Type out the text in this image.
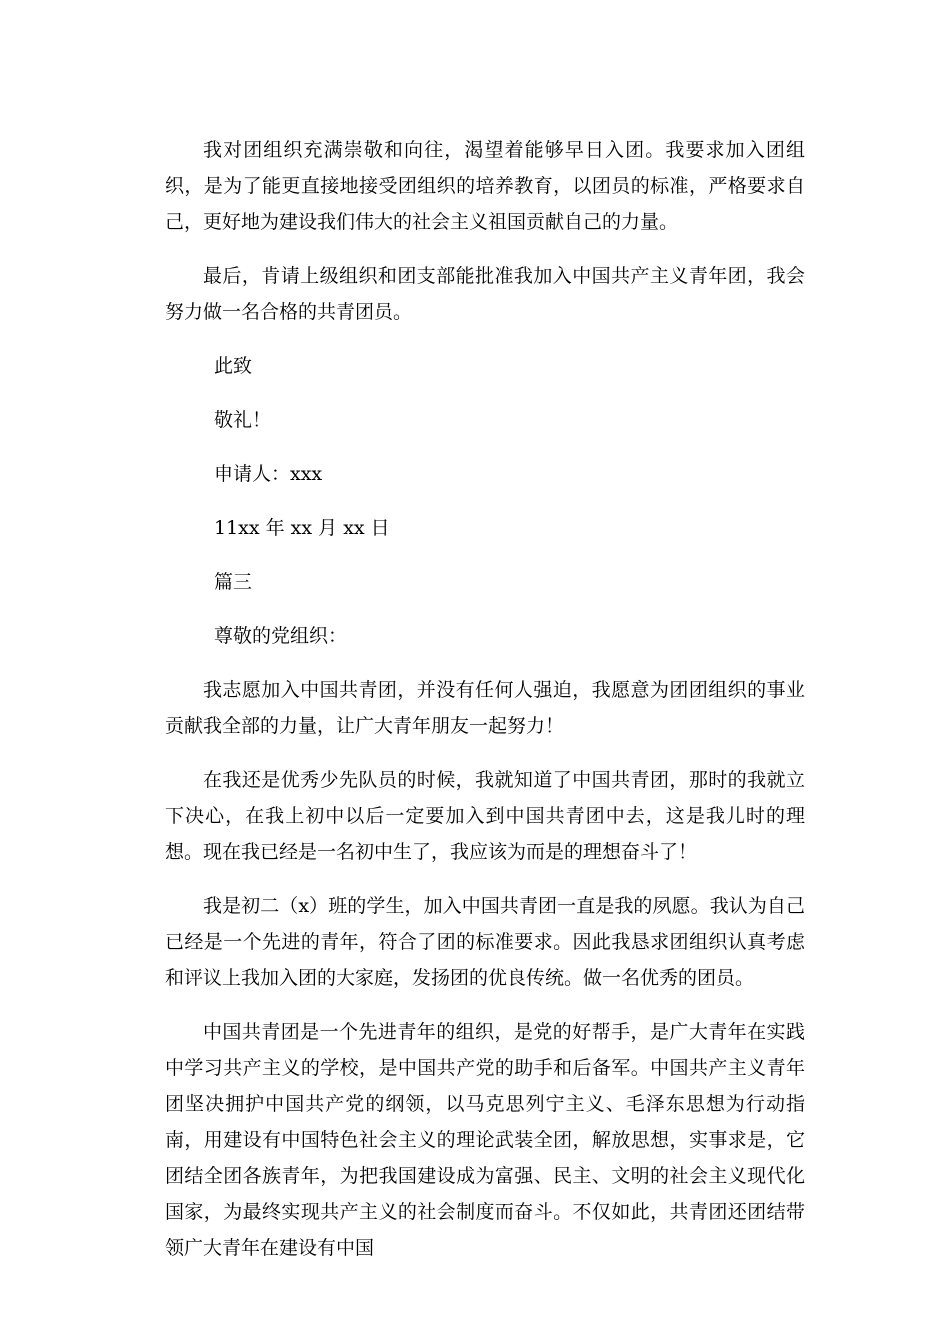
我对团组织充满崇敬和向往，渴望着能够早日入团。我要求加入团组织，是为了能更直接地接受团组织的培养教育，以团员的标准，严格要求自己，更好地为建设我们伟大的社会主义祖国贡献自己的力量。

最后，肯请上级组织和团支部能批准我加入中国共产主义青年团，我会努力做一名合格的共青团员。

此致

敬礼！

申请人：xxx

11xx 年 xx 月 xx 日

篇三

尊敬的党组织：

我志愿加入中国共青团，并没有任何人强迫，我愿意为团团组织的事业贡献我全部的力量，让广大青年朋友一起努力！

在我还是优秀少先队员的时候，我就知道了中国共青团，那时的我就立下决心，在我上初中以后一定要加入到中国共青团中去，这是我儿时的理想。现在我已经是一名初中生了，我应该为而是的理想奋斗了！

我是初二（x）班的学生，加入中国共青团一直是我的夙愿。我认为自己已经是一个先进的青年，符合了团的标准要求。因此我恳求团组织认真考虑和评议上我加入团的大家庭，发扬团的优良传统。做一名优秀的团员。

中国共青团是一个先进青年的组织，是党的好帮手，是广大青年在实践中学习共产主义的学校，是中国共产党的助手和后备军。中国共产主义青年团坚决拥护中国共产党的纲领，以马克思列宁主义、毛泽东思想为行动指南，用建设有中国特色社会主义的理论武装全团，解放思想，实事求是，它团结全团各族青年，为把我国建设成为富强、民主、文明的社会主义现代化国家，为最终实现共产主义的社会制度而奋斗。不仅如此，共青团还团结带领广大青年在建设有中国
